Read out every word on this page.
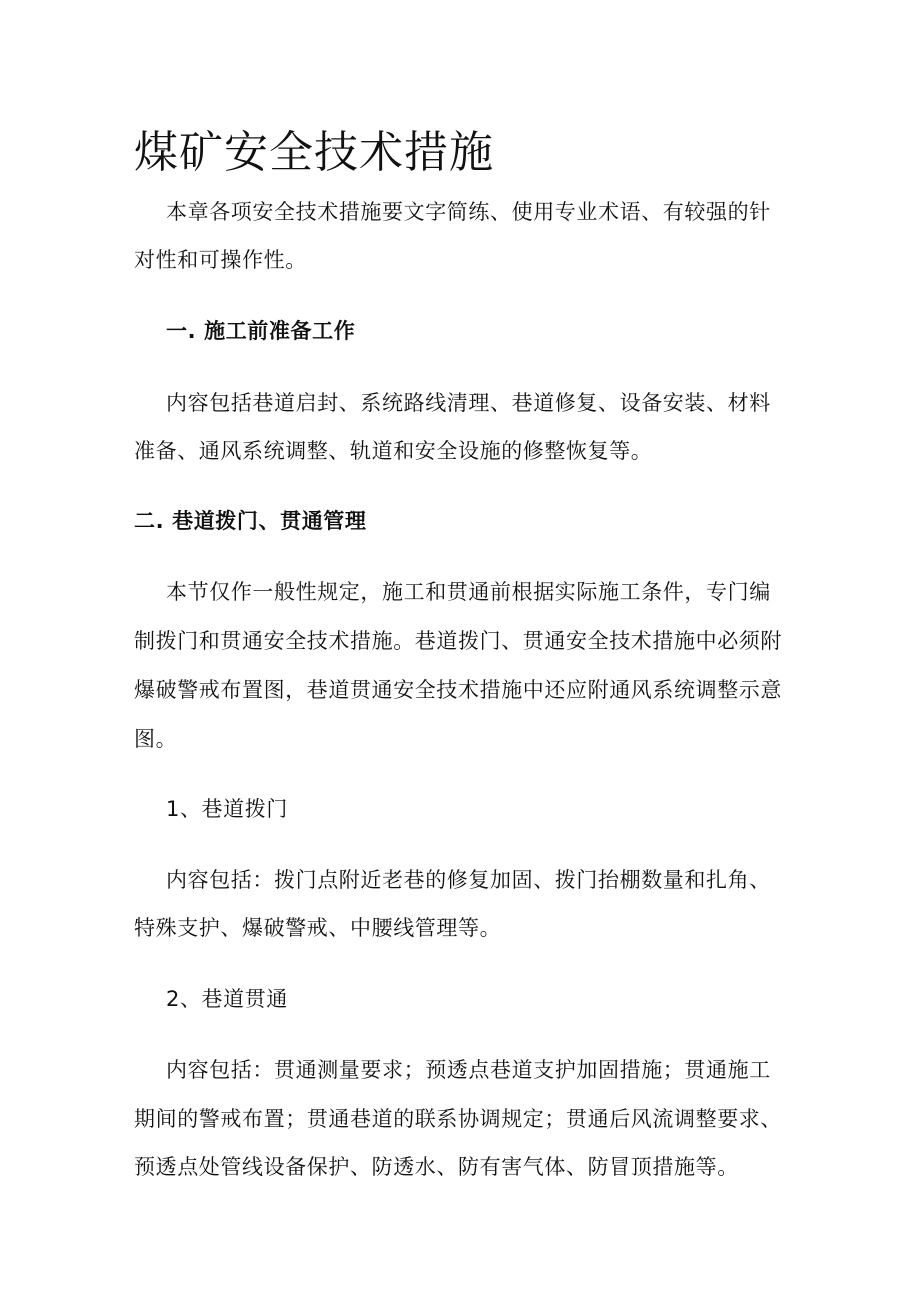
煤矿安全技术措施
本章各项安全技术措施要文字简练、使用专业术语、有较强的针
对性和可操作性。
一. 施工前准备工作
内容包括巷道启封、系统路线清理、巷道修复、设备安装、材料
准备、通风系统调整、轨道和安全设施的修整恢复等。
二. 巷道拨门、贯通管理
本节仅作一般性规定，施工和贯通前根据实际施工条件，专门编
制拨门和贯通安全技术措施。巷道拨门、贯通安全技术措施中必须附
爆破警戒布置图，巷道贯通安全技术措施中还应附通风系统调整示意
图。
1、巷道拨门
内容包括：拨门点附近老巷的修复加固、拨门抬棚数量和扎角、
特殊支护、爆破警戒、中腰线管理等。
2、巷道贯通
内容包括：贯通测量要求；预透点巷道支护加固措施；贯通施工
期间的警戒布置；贯通巷道的联系协调规定；贯通后风流调整要求、
预透点处管线设备保护、防透水、防有害气体、防冒顶措施等。
